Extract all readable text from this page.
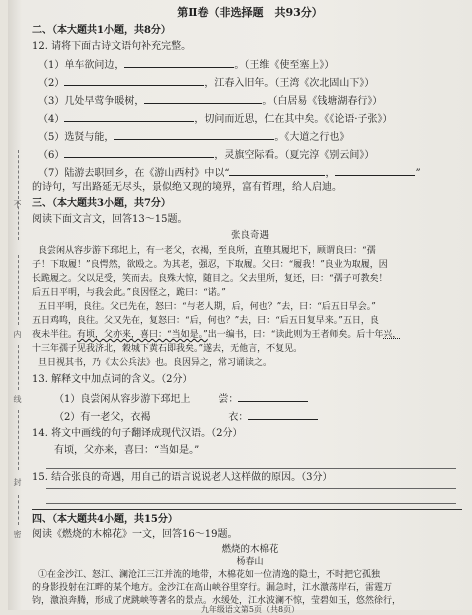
不
内
线
封
密
第Ⅱ卷（非选择题　共93分）
二、（本大题共1小题，共8分）
12. 请将下面古诗文语句补充完整。
（1）单车欲问边，	。（王维《使至塞上》）
（2）	，江春入旧年。（王湾《次北固山下》）
（3）几处早莺争暖树，	。（白居易《钱塘湖春行》）
（4）	，切问而近思，仁在其中矣。《《论语·子张》）
（5）选贤与能，	。《大道之行也》
（6）	，灵旗空际看。（夏完淳《别云间》）
（7）陆游去职回乡，在《游山西村》中以“	，	”
的诗句，写出路延无尽头，景似绝又现的境界，富有哲理，给人启迪。
三、（本大题共3小题，共7分）
阅读下面文言文，回答13～15题。
张良奇遇
良尝闲从容步游下邳圯上，有一老父，衣褐，至良所，直堕其履圯下，顾谓良曰：“孺
子！下取履！”良愕然，欲殴之。为其老，强忍，下取履。父曰：“履我！”良业为取履，因
长跪履之。父以足受，笑而去。良殊大惊，随目之。父去里所，复还，曰：“孺子可教矣！
后五日平明，与我会此。”良因怪之，跪曰：“诺。”
五日平明，良往。父已先在，怒曰：“与老人期，后，何也？”去，曰：“后五日早会。”
五日鸡鸣，良往。父又先在，复怒曰：“后，何也？”去，曰：“后五日复早来。”五日，良
夜未半往。有顷，父亦来，喜曰：“当如是。”出一编书，曰：“读此则为王者师矣。后十年兴，
十三年孺子见我济北，穀城下黄石即我矣。”遂去，无他言，不复见。
旦日视其书，乃《太公兵法》也。良因异之，常习诵读之。
13. 解释文中加点词的含义。（2分）
（1）良尝闲从容步游下邳圯上	尝：
（2）有一老父，衣褐	衣：
14. 将文中画线的句子翻译成现代汉语。（2分）
有顷，父亦来，喜曰：“当如是。”
15. 结合张良的奇遇，用自己的语言说说老人这样做的原因。（3分）
四、（本大题共4小题，共15分）
阅读《燃烧的木棉花》一文，回答16～19题。
燃烧的木棉花
杨春山
①在金沙江、怒江、澜沧江三江并流的地带，木棉花如一位清逸的隐士，不时把它孤独
的身影投射在江畔的某个地方。金沙江在高山峡谷里穿行。漏急时，江水激荡岸石，雷霆万
钧，激浪奔腾，形成了虎跳峡等著名的景点。水缓处，江水波澜不惊，莹碧如玉，悠然徐行，
九年级语文第5页（共8页）
